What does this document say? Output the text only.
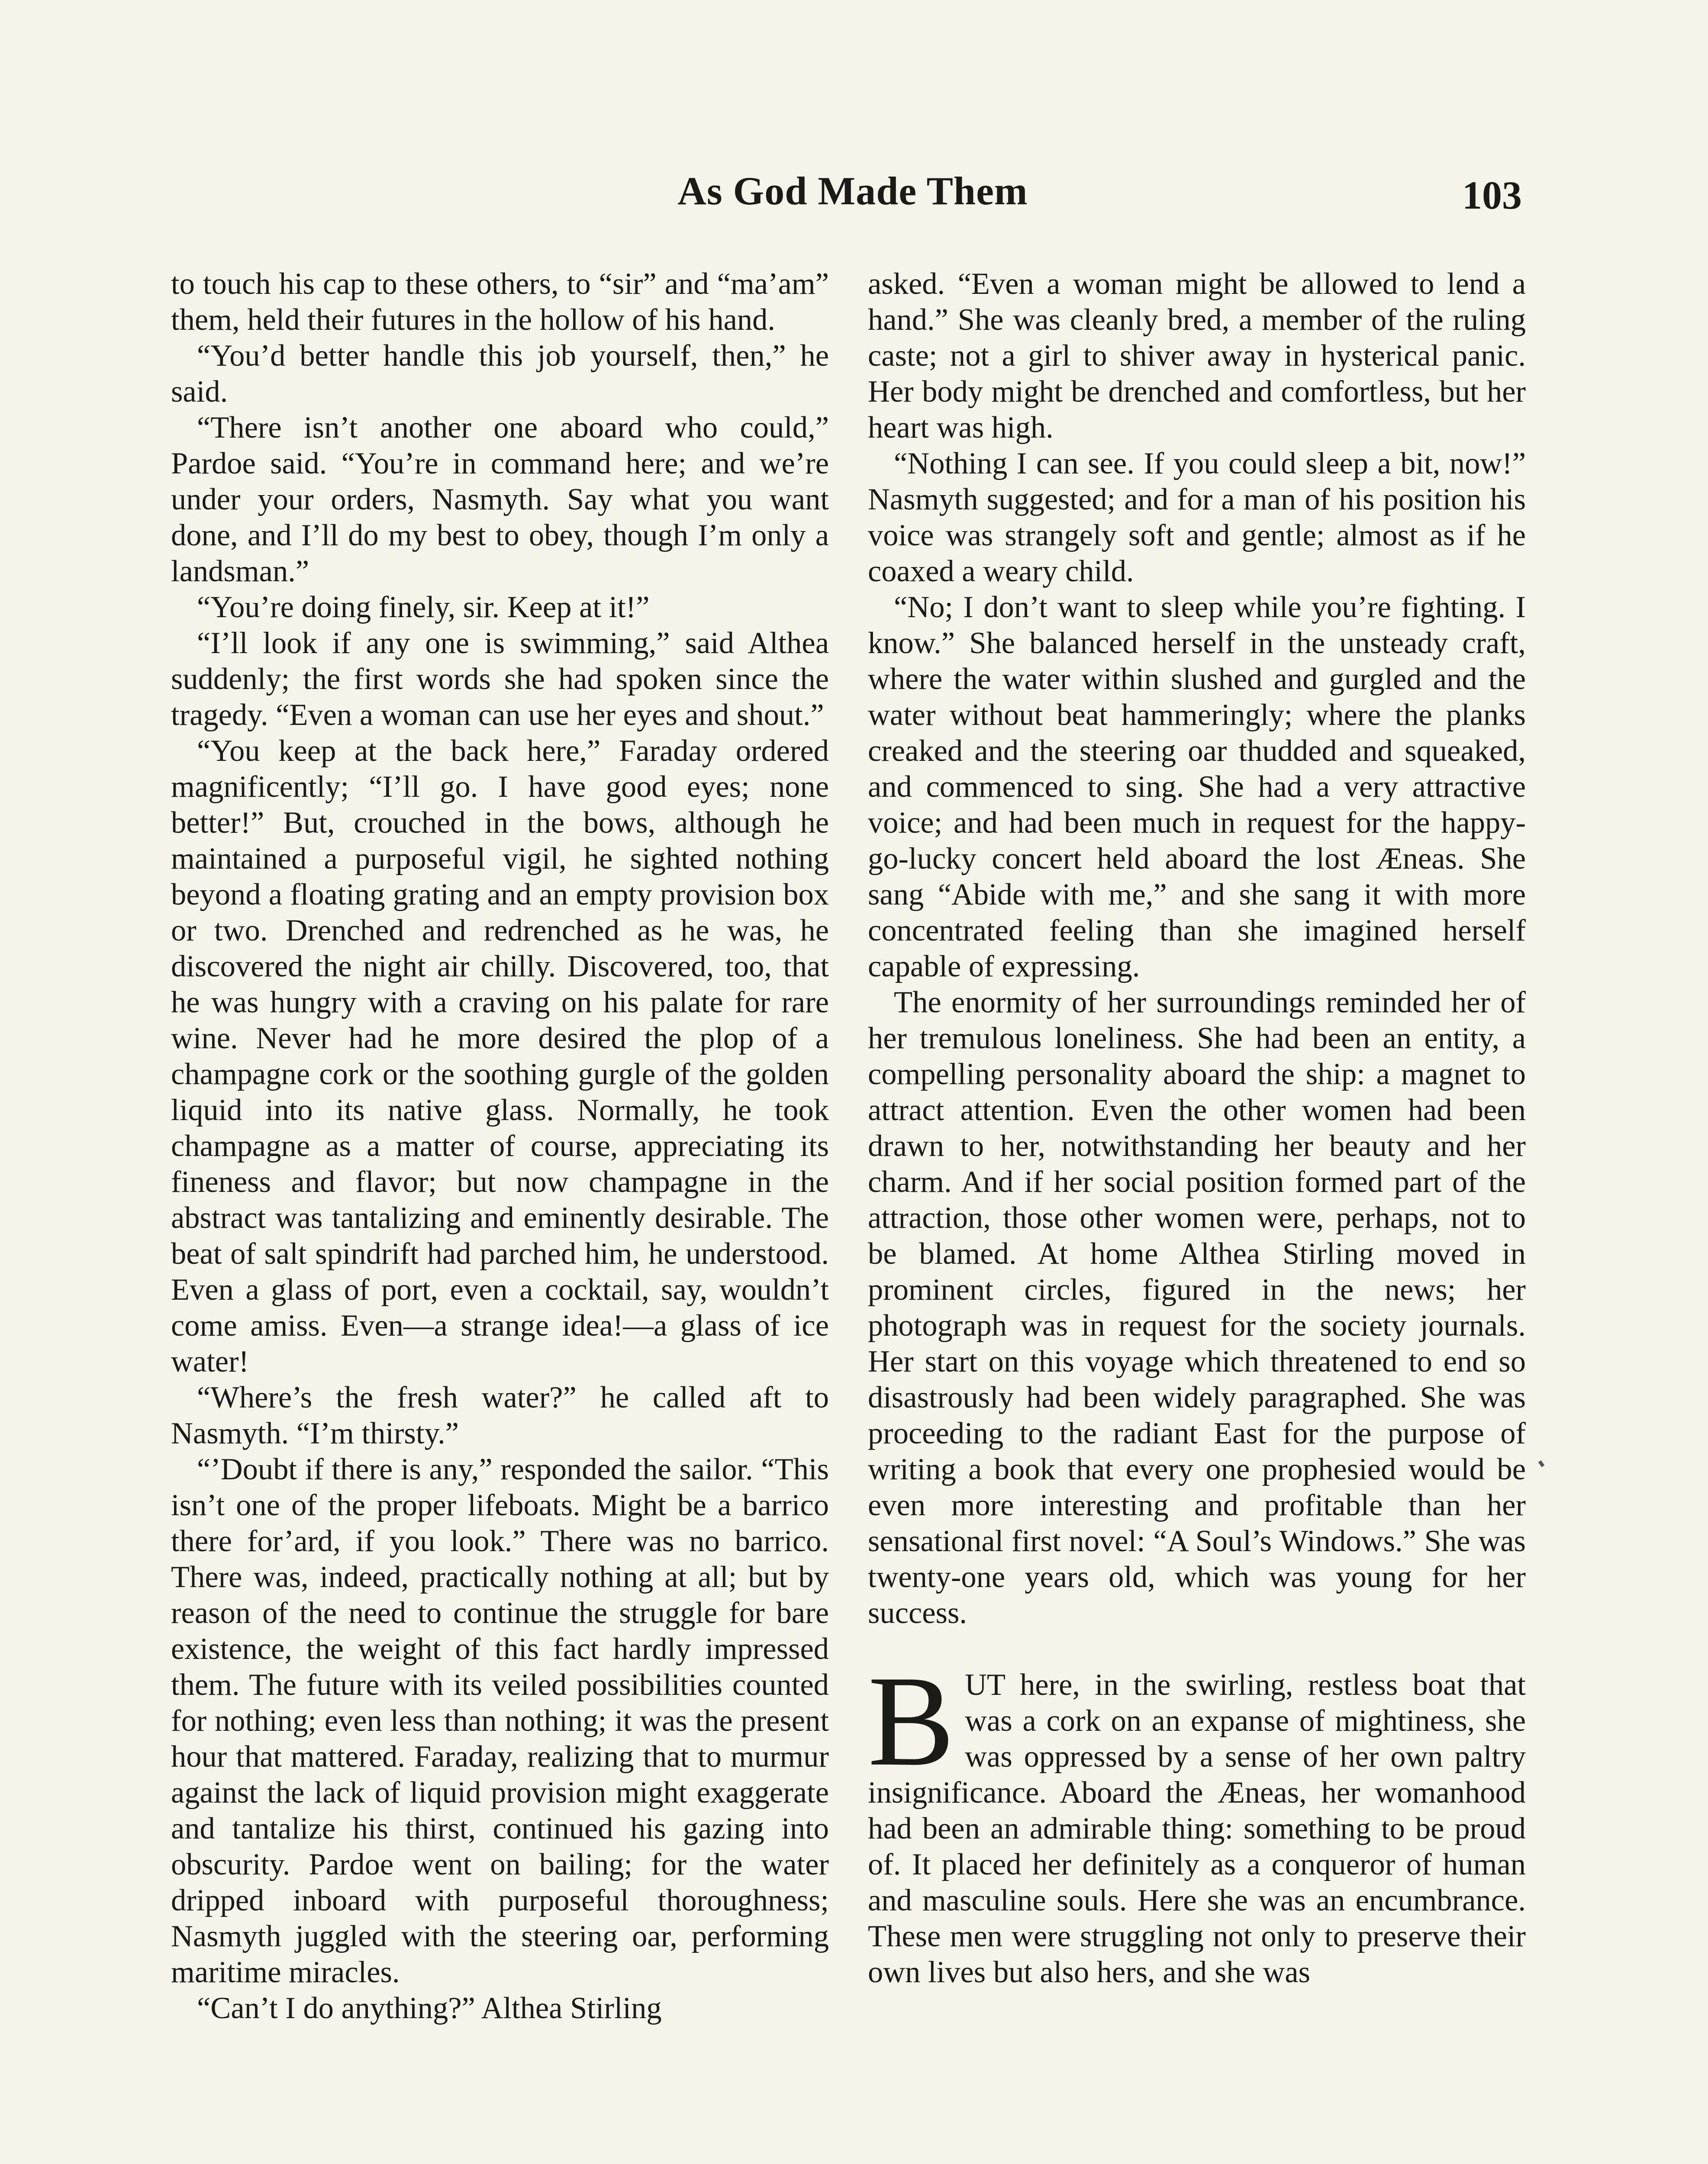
As God Made Them	103

to touch his cap to these others, to “sir” and “ma’am” them, held their futures in the hollow of his hand.

“You’d better handle this job yourself, then,” he said.

“There isn’t another one aboard who could,” Pardoe said. “You’re in command here; and we’re under your orders, Nasmyth. Say what you want done, and I’ll do my best to obey, though I’m only a landsman.”

“You’re doing finely, sir. Keep at it!”

“I’ll look if any one is swimming,” said Althea suddenly; the first words she had spoken since the tragedy. “Even a woman can use her eyes and shout.”

“You keep at the back here,” Faraday ordered magnificently; “I’ll go. I have good eyes; none better!” But, crouched in the bows, although he maintained a purposeful vigil, he sighted nothing beyond a floating grating and an empty provision box or two. Drenched and redrenched as he was, he discovered the night air chilly. Discovered, too, that he was hungry with a craving on his palate for rare wine. Never had he more desired the plop of a champagne cork or the soothing gurgle of the golden liquid into its native glass. Normally, he took champagne as a matter of course, appreciating its fineness and flavor; but now champagne in the abstract was tantalizing and eminently desirable. The beat of salt spindrift had parched him, he understood. Even a glass of port, even a cocktail, say, wouldn’t come amiss. Even—a strange idea!—a glass of ice water!

“Where’s the fresh water?” he called aft to Nasmyth. “I’m thirsty.”

“’Doubt if there is any,” responded the sailor. “This isn’t one of the proper lifeboats. Might be a barrico there for’ard, if you look.” There was no barrico. There was, indeed, practically nothing at all; but by reason of the need to continue the struggle for bare existence, the weight of this fact hardly impressed them. The future with its veiled possibilities counted for nothing; even less than nothing; it was the present hour that mattered. Faraday, realizing that to murmur against the lack of liquid provision might exaggerate and tantalize his thirst, continued his gazing into obscurity. Pardoe went on bailing; for the water dripped inboard with purposeful thoroughness; Nasmyth juggled with the steering oar, performing maritime miracles.

“Can’t I do anything?” Althea Stirling

asked. “Even a woman might be allowed to lend a hand.” She was cleanly bred, a member of the ruling caste; not a girl to shiver away in hysterical panic. Her body might be drenched and comfortless, but her heart was high.

“Nothing I can see. If you could sleep a bit, now!” Nasmyth suggested; and for a man of his position his voice was strangely soft and gentle; almost as if he coaxed a weary child.

“No; I don’t want to sleep while you’re fighting. I know.” She balanced herself in the unsteady craft, where the water within slushed and gurgled and the water without beat hammeringly; where the planks creaked and the steering oar thudded and squeaked, and commenced to sing. She had a very attractive voice; and had been much in request for the happy-go-lucky concert held aboard the lost Æneas. She sang “Abide with me,” and she sang it with more concentrated feeling than she imagined herself capable of expressing.

The enormity of her surroundings reminded her of her tremulous loneliness. She had been an entity, a compelling personality aboard the ship: a magnet to attract attention. Even the other women had been drawn to her, notwithstanding her beauty and her charm. And if her social position formed part of the attraction, those other women were, perhaps, not to be blamed. At home Althea Stirling moved in prominent circles, figured in the news; her photograph was in request for the society journals. Her start on this voyage which threatened to end so disastrously had been widely paragraphed. She was proceeding to the radiant East for the purpose of writing a book that every one prophesied would be even more interesting and profitable than her sensational first novel: “A Soul’s Windows.” She was twenty-one years old, which was young for her success.

BUT here, in the swirling, restless boat that was a cork on an expanse of mightiness, she was oppressed by a sense of her own paltry insignificance. Aboard the Æneas, her womanhood had been an admirable thing: something to be proud of. It placed her definitely as a conqueror of human and masculine souls. Here she was an encumbrance. These men were struggling not only to preserve their own lives but also hers, and she was
